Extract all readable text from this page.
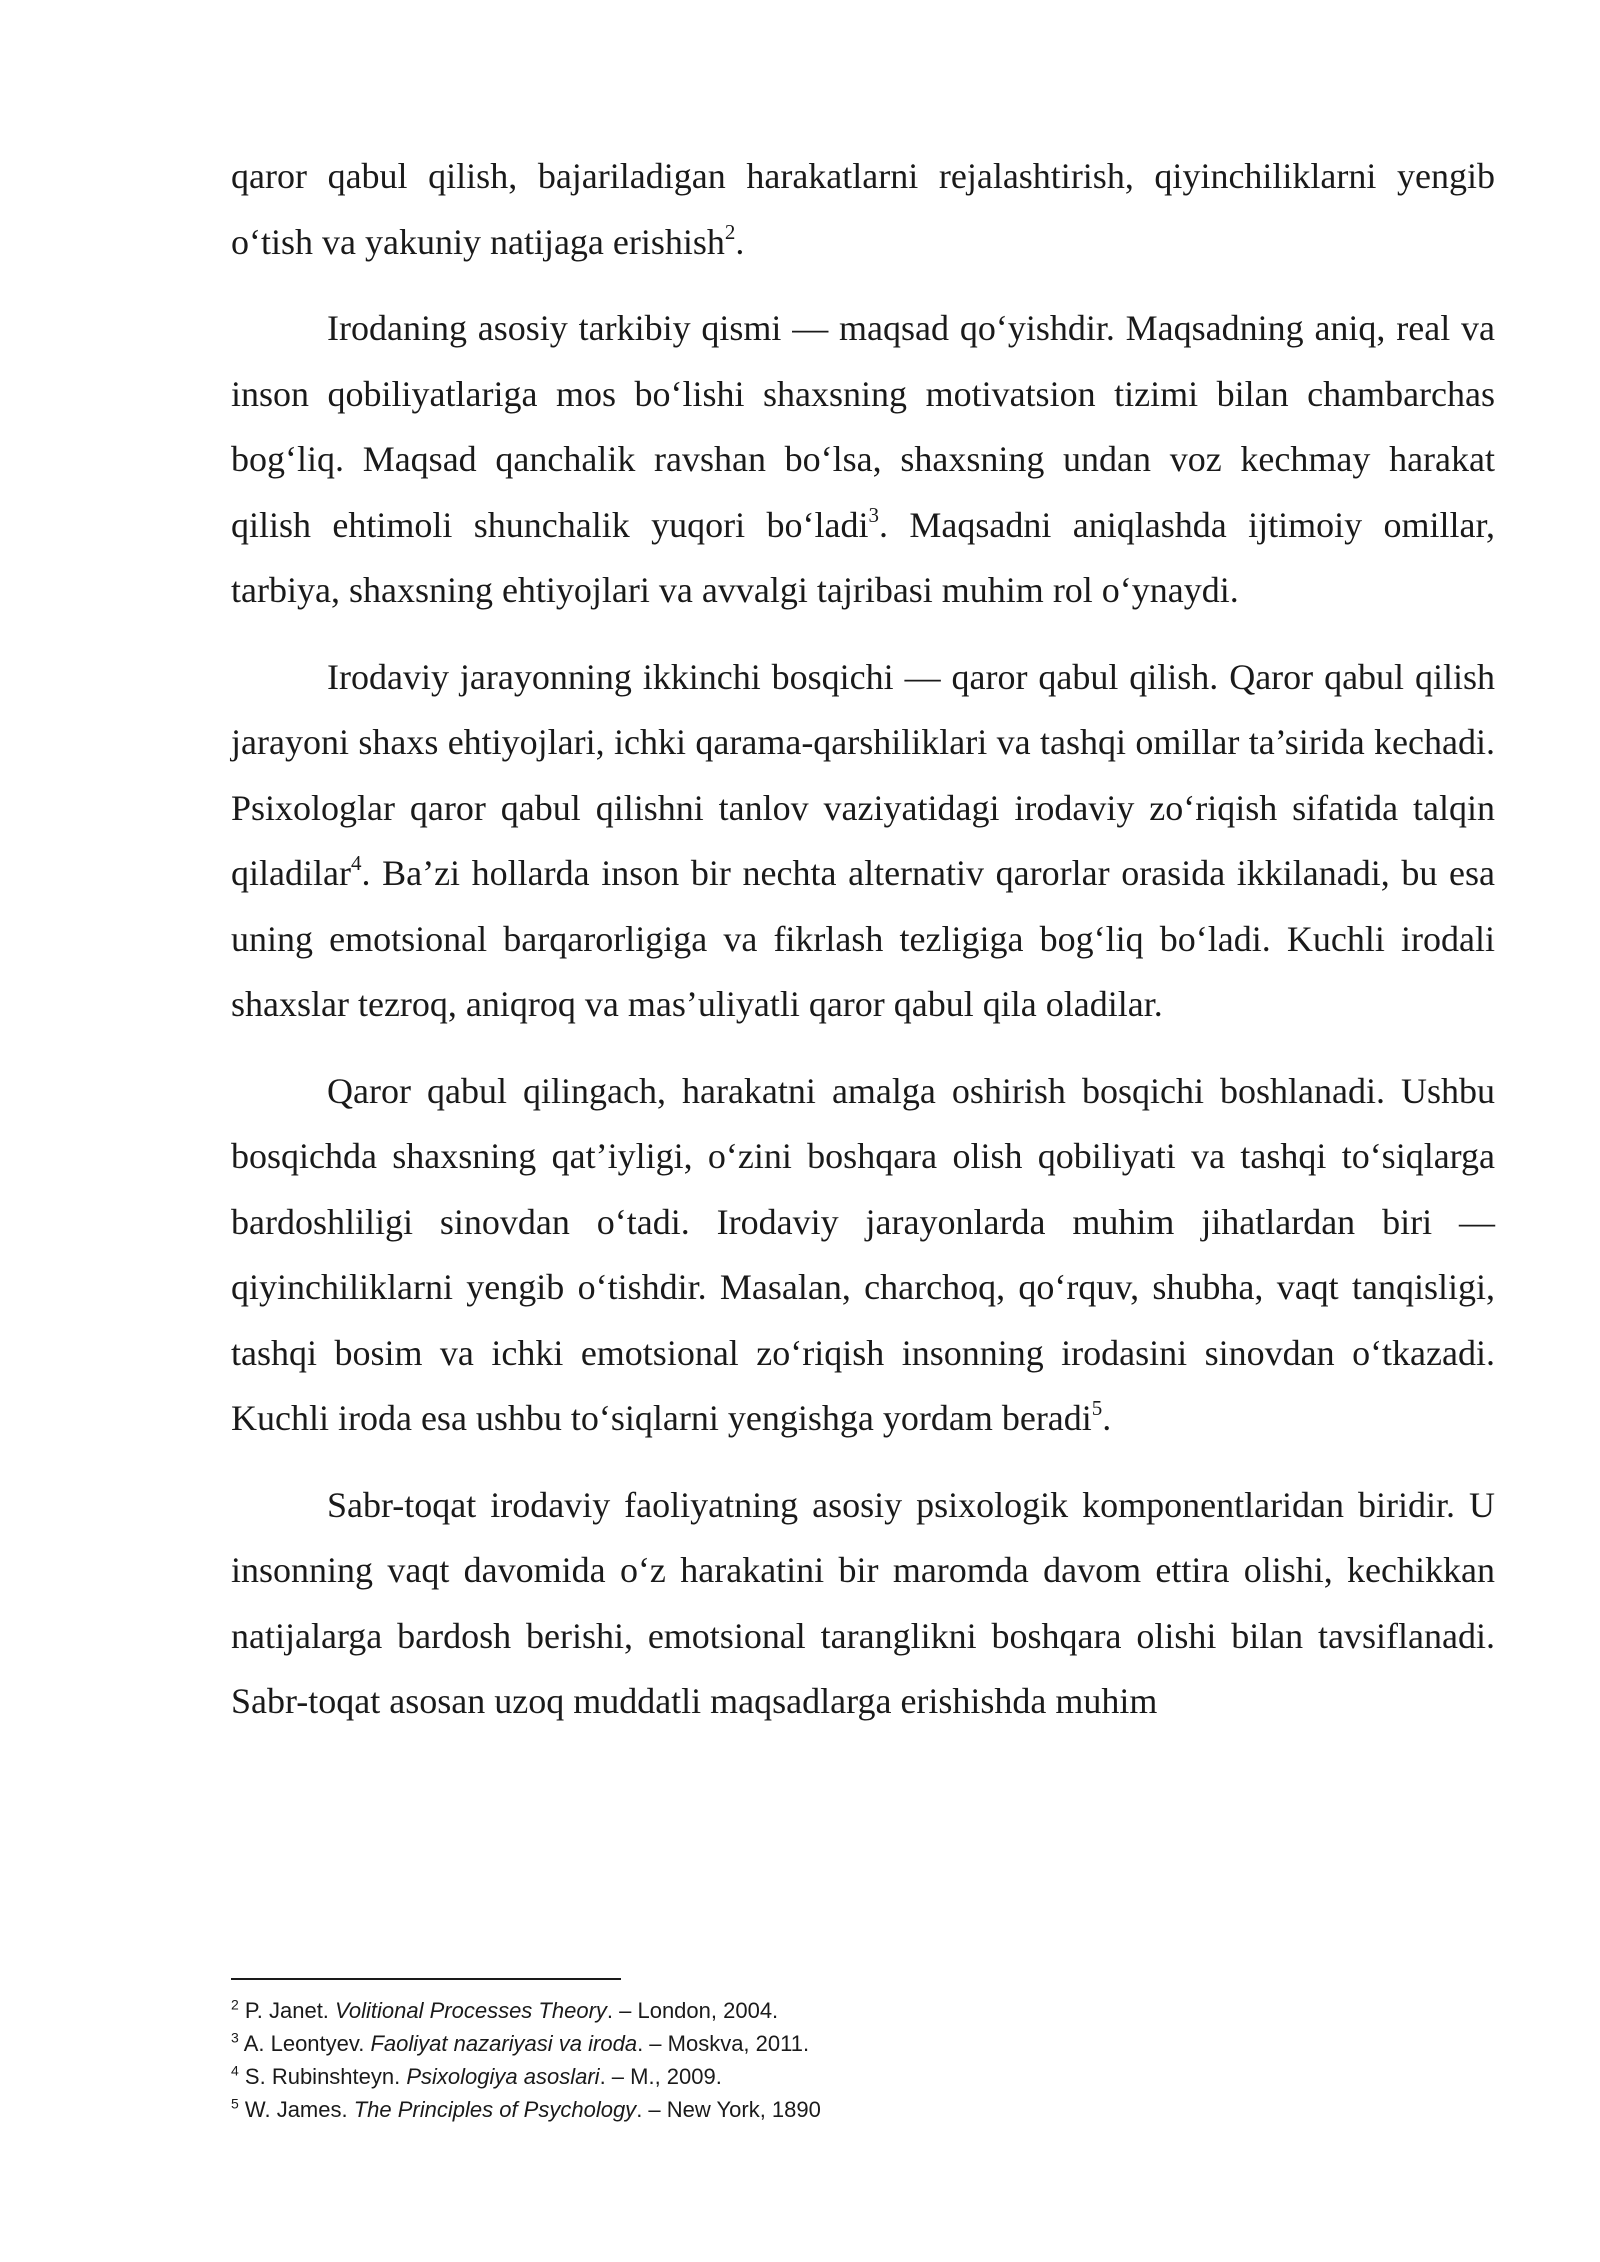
qaror qabul qilish, bajariladigan harakatlarni rejalashtirish, qiyinchiliklarni yengib o‘tish va yakuniy natijaga erishish$^2$.

Irodaning asosiy tarkibiy qismi — maqsad qo‘yishdir. Maqsadning aniq, real va inson qobiliyatlariga mos bo‘lishi shaxsning motivatsion tizimi bilan chambarchas bog‘liq. Maqsad qanchalik ravshan bo‘lsa, shaxsning undan voz kechmay harakat qilish ehtimoli shunchalik yuqori bo‘ladi$^3$. Maqsadni aniqlashda ijtimoiy omillar, tarbiya, shaxsning ehtiyojlari va avvalgi tajribasi muhim rol o‘ynaydi.

Irodaviy jarayonning ikkinchi bosqichi — qaror qabul qilish. Qaror qabul qilish jarayoni shaxs ehtiyojlari, ichki qarama-qarshiliklari va tashqi omillar ta’sirida kechadi. Psixologlar qaror qabul qilishni tanlov vaziyatidagi irodaviy zo‘riqish sifatida talqin qiladilar$^4$. Ba’zi hollarda inson bir nechta alternativ qarorlar orasida ikkilanadi, bu esa uning emotsional barqarorligiga va fikrlash tezligiga bog‘liq bo‘ladi. Kuchli irodali shaxslar tezroq, aniqroq va mas’uliyatli qaror qabul qila oladilar.

Qaror qabul qilingach, harakatni amalga oshirish bosqichi boshlanadi. Ushbu bosqichda shaxsning qat’iyligi, o‘zini boshqara olish qobiliyati va tashqi to‘siqlarga bardoshliligi sinovdan o‘tadi. Irodaviy jarayonlarda muhim jihatlardan biri — qiyinchiliklarni yengib o‘tishdir. Masalan, charchoq, qo‘rquv, shubha, vaqt tanqisligi, tashqi bosim va ichki emotsional zo‘riqish insonning irodasini sinovdan o‘tkazadi. Kuchli iroda esa ushbu to‘siqlarni yengishga yordam beradi$^5$.

Sabr-toqat irodaviy faoliyatning asosiy psixologik komponentlaridan biridir. U insonning vaqt davomida o‘z harakatini bir maromda davom ettira olishi, kechikkan natijalarga bardosh berishi, emotsional taranglikni boshqara olishi bilan tavsiflanadi. Sabr-toqat asosan uzoq muddatli maqsadlarga erishishda muhim

$^2$ P. Janet. Volitional Processes Theory. – London, 2004.

$^3$ A. Leontyev. Faoliyat nazariyasi va iroda. – Moskva, 2011.

$^4$ S. Rubinshteyn. Psixologiya asoslari. – M., 2009.

$^5$ W. James. The Principles of Psychology. – New York, 1890
